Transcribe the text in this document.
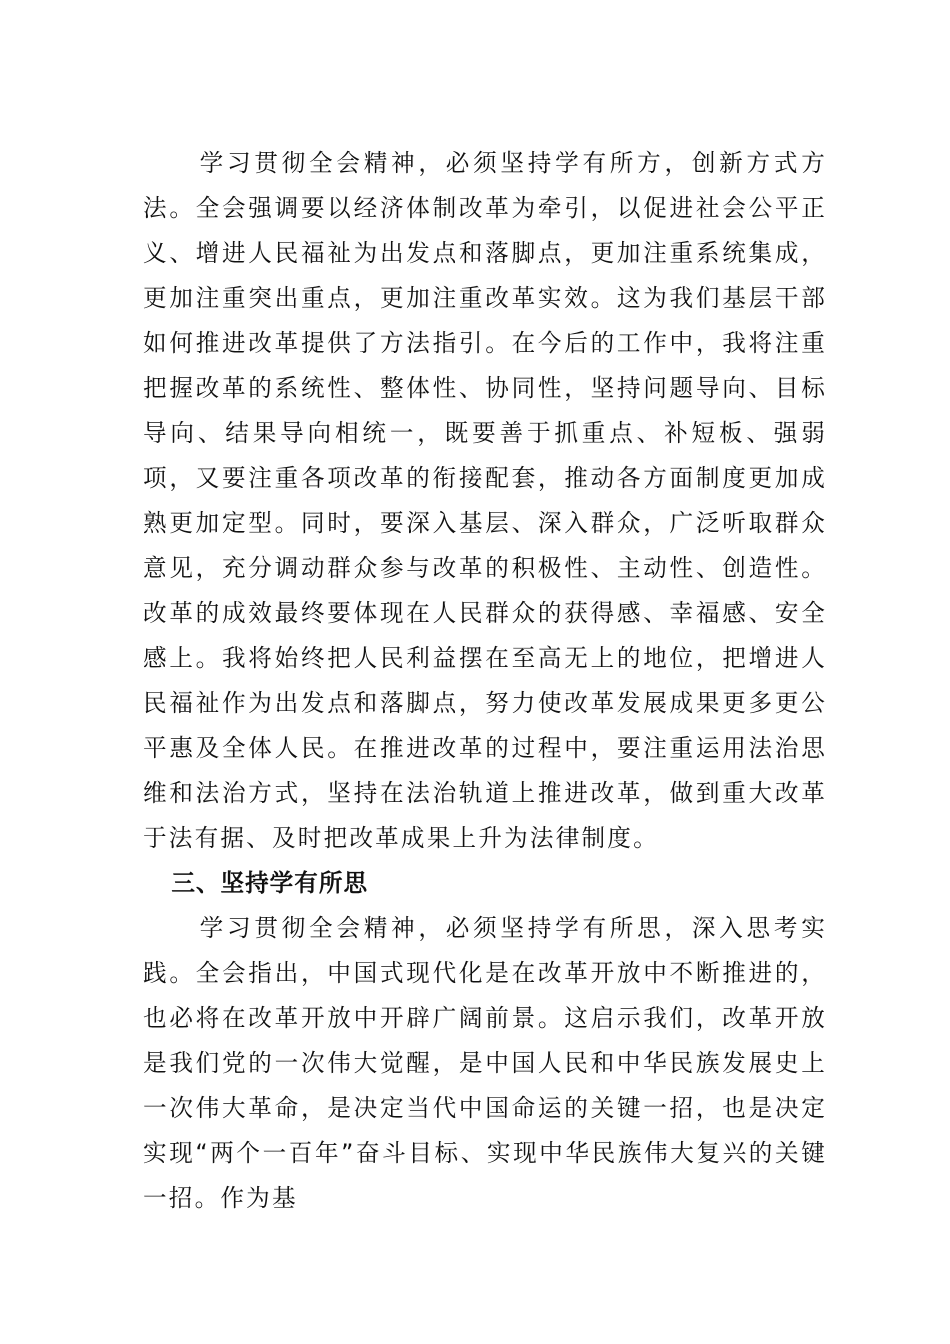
学习贯彻全会精神，必须坚持学有所方，创新方式方法。全会强调要以经济体制改革为牵引，以促进社会公平正义、增进人民福祉为出发点和落脚点，更加注重系统集成，更加注重突出重点，更加注重改革实效。这为我们基层干部如何推进改革提供了方法指引。在今后的工作中，我将注重把握改革的系统性、整体性、协同性，坚持问题导向、目标导向、结果导向相统一，既要善于抓重点、补短板、强弱项，又要注重各项改革的衔接配套，推动各方面制度更加成熟更加定型。同时，要深入基层、深入群众，广泛听取群众意见，充分调动群众参与改革的积极性、主动性、创造性。改革的成效最终要体现在人民群众的获得感、幸福感、安全感上。我将始终把人民利益摆在至高无上的地位，把增进人民福祉作为出发点和落脚点，努力使改革发展成果更多更公平惠及全体人民。在推进改革的过程中，要注重运用法治思维和法治方式，坚持在法治轨道上推进改革，做到重大改革于法有据、及时把改革成果上升为法律制度。

三、坚持学有所思

学习贯彻全会精神，必须坚持学有所思，深入思考实践。全会指出，中国式现代化是在改革开放中不断推进的，也必将在改革开放中开辟广阔前景。这启示我们，改革开放是我们党的一次伟大觉醒，是中国人民和中华民族发展史上一次伟大革命，是决定当代中国命运的关键一招，也是决定实现“两个一百年”奋斗目标、实现中华民族伟大复兴的关键一招。作为基
